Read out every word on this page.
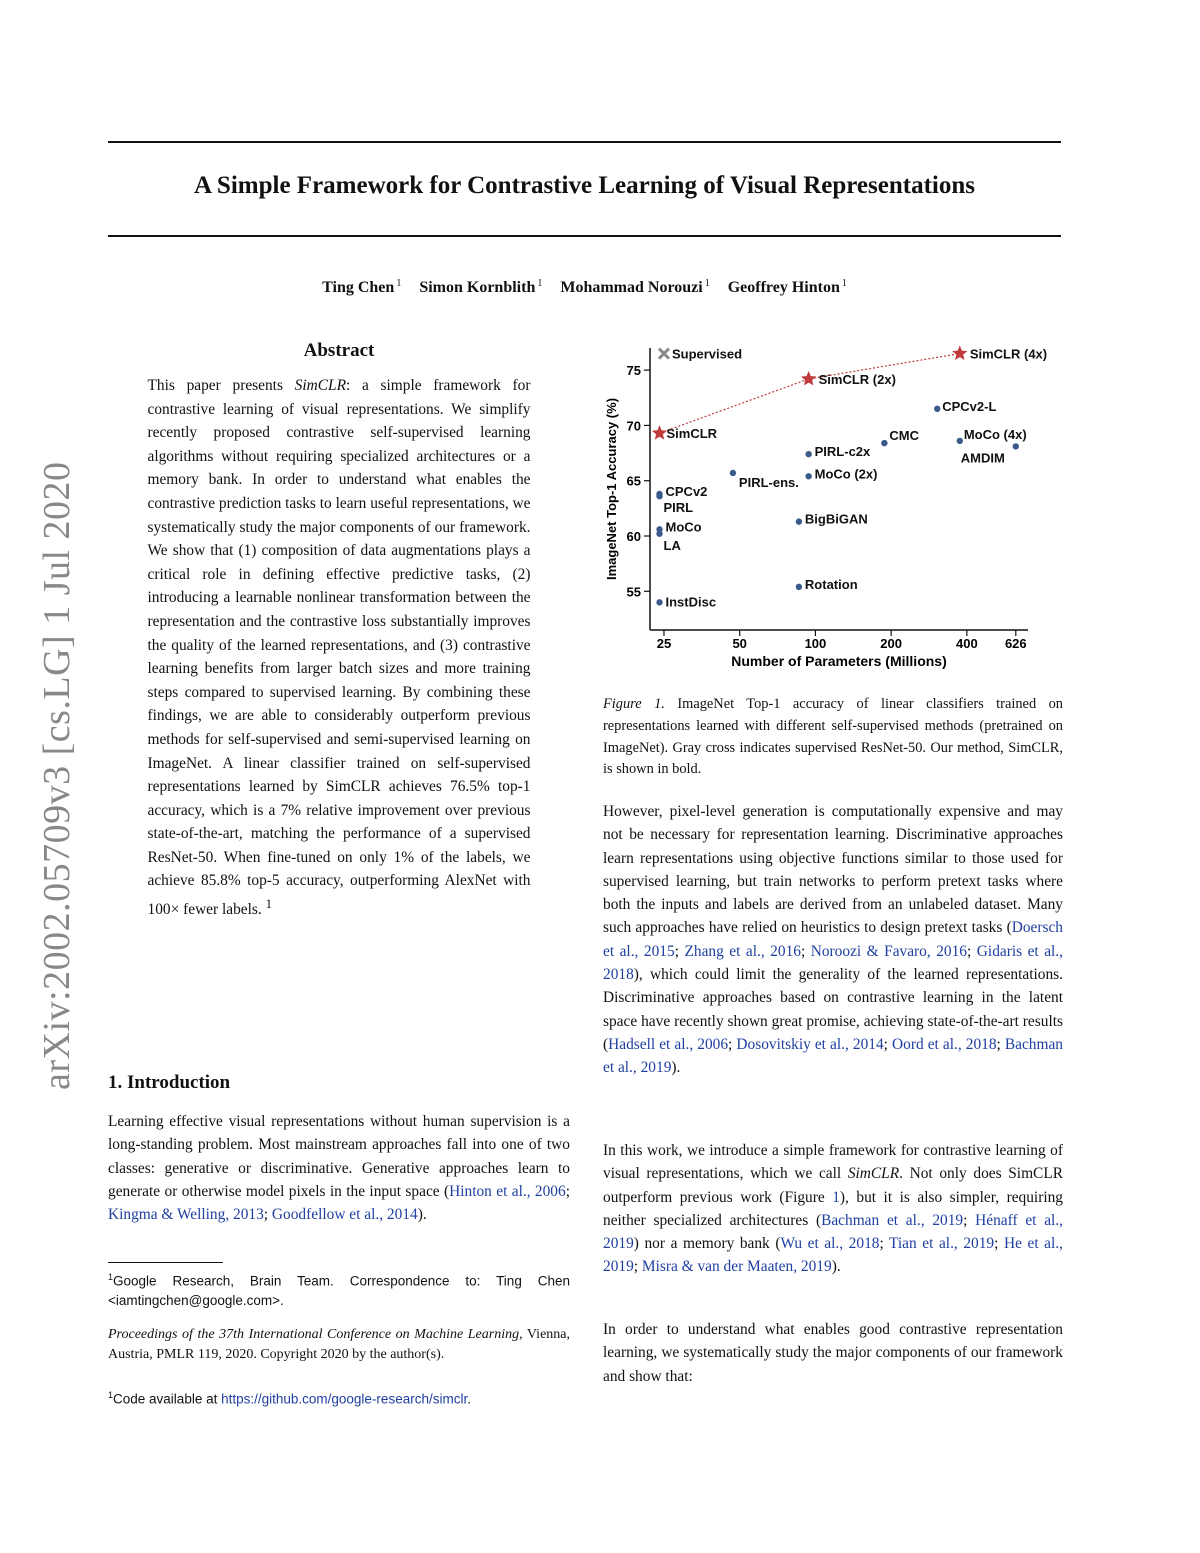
arXiv:2002.05709v3 [cs.LG] 1 Jul 2020
A Simple Framework for Contrastive Learning of Visual Representations
Ting Chen $^1$ Simon Kornblith $^1$ Mohammad Norouzi $^1$ Geoffrey Hinton $^1$
Abstract

This paper presents SimCLR: a simple framework for contrastive learning of visual representations. We simplify recently proposed contrastive self-supervised learning algorithms without requiring specialized architectures or a memory bank. In order to understand what enables the contrastive prediction tasks to learn useful representations, we systematically study the major components of our framework. We show that (1) composition of data augmentations plays a critical role in defining effective predictive tasks, (2) introducing a learnable nonlinear transformation between the representation and the contrastive loss substantially improves the quality of the learned representations, and (3) contrastive learning benefits from larger batch sizes and more training steps compared to supervised learning. By combining these findings, we are able to considerably outperform previous methods for self-supervised and semi-supervised learning on ImageNet. A linear classifier trained on self-supervised representations learned by SimCLR achieves 76.5% top-1 accuracy, which is a 7% relative improvement over previous state-of-the-art, matching the performance of a supervised ResNet-50. When fine-tuned on only 1% of the labels, we achieve 85.8% top-5 accuracy, outperforming AlexNet with 100× fewer labels. $^1$

1. Introduction

Learning effective visual representations without human supervision is a long-standing problem. Most mainstream approaches fall into one of two classes: generative or discriminative. Generative approaches learn to generate or otherwise model pixels in the input space (Hinton et al., 2006; Kingma & Welling, 2013; Goodfellow et al., 2014).

$^1$Google Research, Brain Team. Correspondence to: Ting Chen <iamtingchen@google.com>.

Proceedings of the 37th International Conference on Machine Learning, Vienna, Austria, PMLR 119, 2020. Copyright 2020 by the author(s).

$^1$Code available at https://github.com/google-research/simclr.

55
60
65
70
75
25	50	100	200	400 626
Supervised
SimCLR
SimCLR (2x)
SimCLR (4x)
CPCv2-L
MoCo (4x)
AMDIM
CMC
PIRL-c2x
MoCo (2x)
PIRL-ens.
CPCv2
PIRL
MoCo
LA
BigBiGAN
Rotation
InstDisc
Number of Parameters (Millions)
ImageNet Top-1 Accuracy (%)

Figure 1. ImageNet Top-1 accuracy of linear classifiers trained on representations learned with different self-supervised methods (pretrained on ImageNet). Gray cross indicates supervised ResNet-50. Our method, SimCLR, is shown in bold.

However, pixel-level generation is computationally expensive and may not be necessary for representation learning. Discriminative approaches learn representations using objective functions similar to those used for supervised learning, but train networks to perform pretext tasks where both the inputs and labels are derived from an unlabeled dataset. Many such approaches have relied on heuristics to design pretext tasks (Doersch et al., 2015; Zhang et al., 2016; Noroozi & Favaro, 2016; Gidaris et al., 2018), which could limit the generality of the learned representations. Discriminative approaches based on contrastive learning in the latent space have recently shown great promise, achieving state-of-the-art results (Hadsell et al., 2006; Dosovitskiy et al., 2014; Oord et al., 2018; Bachman et al., 2019).

In this work, we introduce a simple framework for contrastive learning of visual representations, which we call SimCLR. Not only does SimCLR outperform previous work (Figure 1), but it is also simpler, requiring neither specialized architectures (Bachman et al., 2019; Hénaff et al., 2019) nor a memory bank (Wu et al., 2018; Tian et al., 2019; He et al., 2019; Misra & van der Maaten, 2019).

In order to understand what enables good contrastive representation learning, we systematically study the major components of our framework and show that:
